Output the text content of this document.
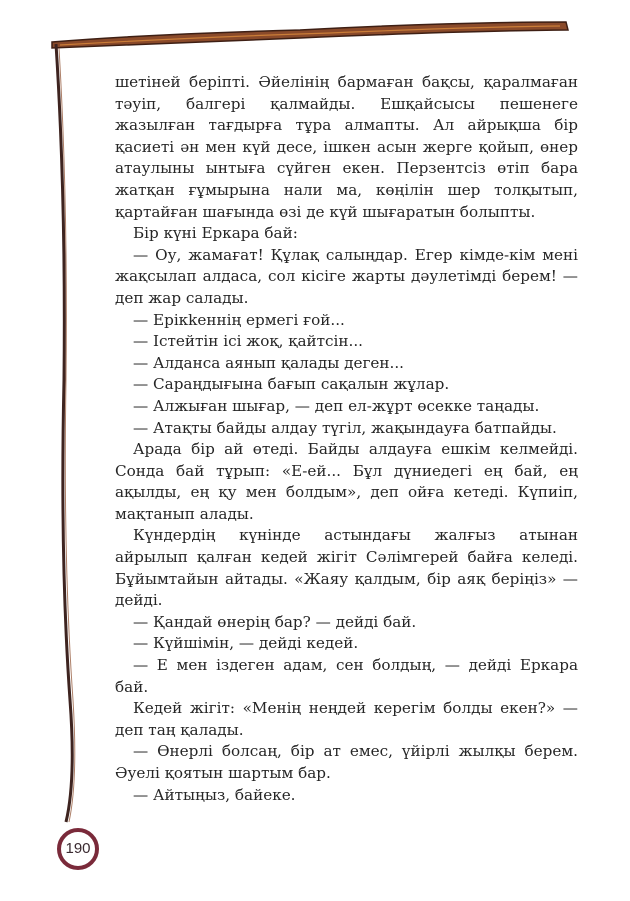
шетіней беріпті. Әйелінің бармаған бақсы, қаралмаған тәуіп, балгері қалмайды. Ешқайсысы пешенеге жазылған тағдырға тұра алмапты. Ал айрықша бір қасиеті ән мен күй десе, ішкен асын жерге қойып, өнер атаулыны ынтыға сүйген екен. Перзентсіз өтіп бара жатқан ғұмырына нали ма, көңілін шер толқытып, қартайған шағында өзі де күй шығаратын болыпты.

Бір күні Еркара бай:

— Оу, жамағат! Құлақ салыңдар. Егер кімде-кім мені жақсылап алдаса, сол кісіге жарты дәулетімді берем! — деп жар салады.

— Ерікkеннің ермегі ғой...

— Істейтін ісі жоқ, қайтсін...

— Алданса аянып қалады деген...

— Сараңдығына бағып сақалын жұлар.

— Алжыған шығар, — деп ел-жұрт өсекке таңады.

— Атақты байды алдау түгіл, жақындауға батпайды.

Арада бір ай өтеді. Байды алдауға ешкім келмейді. Сонда бай тұрып: «Е-ей... Бұл дүниедегі ең бай, ең ақылды, ең қу мен болдым», деп ойға кетеді. Күпиіп, мақтанып алады.

Күндердің күнінде астындағы жалғыз атынан айрылып қалған кедей жігіт Сәлімгерей байға келеді. Бұйымтайын айтады. «Жаяу қалдым, бір аяқ беріңіз» — дейді.

— Қандай өнерің бар? — дейді бай.

— Күйшімін, — дейді кедей.

— Е мен іздеген адам, сен болдың, — дейді Еркара бай.

Кедей жігіт: «Менің неңдей керегім болды екен?» — деп таң қалады.

— Өнерлі болсаң, бір ат емес, үйірлі жылқы берем. Әуелі қоятын шартым бар.

— Айтыңыз, байеке.

190
